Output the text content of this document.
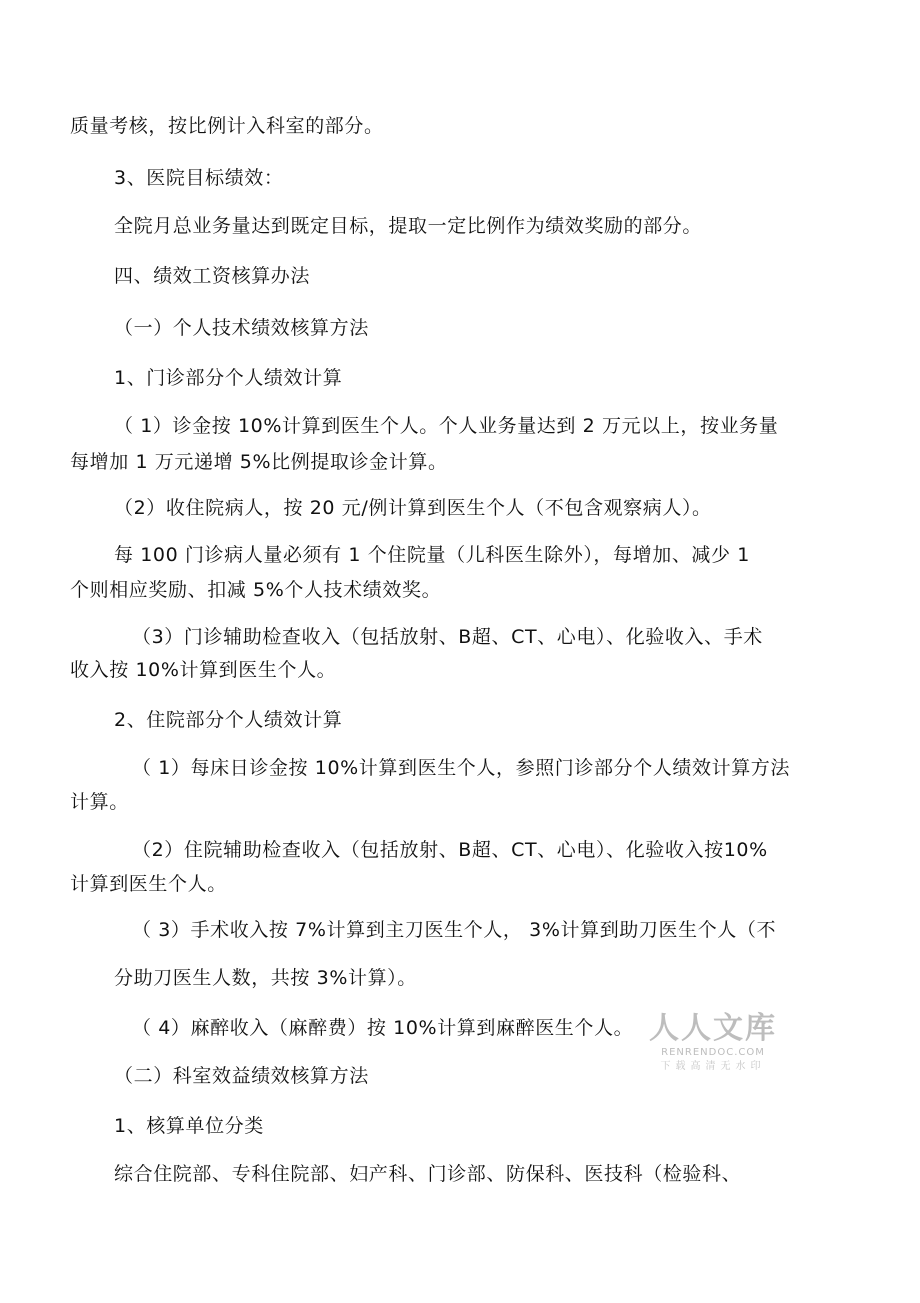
质量考核，按比例计入科室的部分。
3、医院目标绩效：
全院月总业务量达到既定目标，提取一定比例作为绩效奖励的部分。
四、绩效工资核算办法
（一）个人技术绩效核算方法
1、门诊部分个人绩效计算
（ 1）诊金按 10%计算到医生个人。个人业务量达到 2 万元以上，按业务量
每增加 1 万元递增 5%比例提取诊金计算。
（2）收住院病人，按 20 元/例计算到医生个人（不包含观察病人）。
每 100 门诊病人量必须有 1 个住院量（儿科医生除外），每增加、减少 1
个则相应奖励、扣减 5%个人技术绩效奖。
（3）门诊辅助检查收入（包括放射、B超、CT、心电）、化验收入、手术
收入按 10%计算到医生个人。
2、住院部分个人绩效计算
（ 1）每床日诊金按 10%计算到医生个人，参照门诊部分个人绩效计算方法
计算。
（2）住院辅助检查收入（包括放射、B超、CT、心电）、化验收入按10%
计算到医生个人。
（ 3）手术收入按 7%计算到主刀医生个人， 3%计算到助刀医生个人（不
分助刀医生人数，共按 3%计算）。
（ 4）麻醉收入（麻醉费）按 10%计算到麻醉医生个人。
（二）科室效益绩效核算方法
1、核算单位分类
综合住院部、专科住院部、妇产科、门诊部、防保科、医技科（检验科、
人人文库
RENRENDOC.COM
下载高清无水印
